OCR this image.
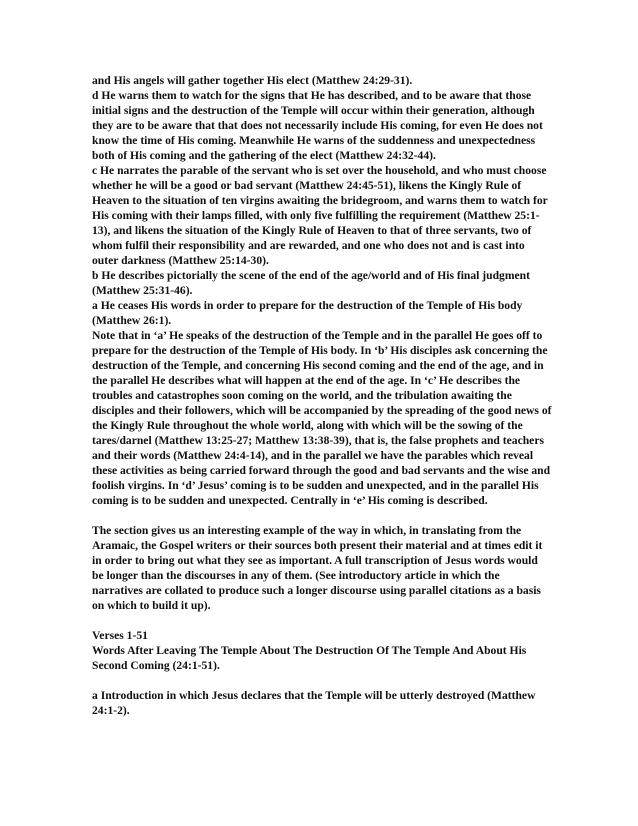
and His angels will gather together His elect (Matthew 24:29-31).

d He warns them to watch for the signs that He has described, and to be aware that those initial signs and the destruction of the Temple will occur within their generation, although they are to be aware that that does not necessarily include His coming, for even He does not know the time of His coming. Meanwhile He warns of the suddenness and unexpectedness both of His coming and the gathering of the elect (Matthew 24:32-44).

c He narrates the parable of the servant who is set over the household, and who must choose whether he will be a good or bad servant (Matthew 24:45-51), likens the Kingly Rule of Heaven to the situation of ten virgins awaiting the bridegroom, and warns them to watch for His coming with their lamps filled, with only five fulfilling the requirement (Matthew 25:1-13), and likens the situation of the Kingly Rule of Heaven to that of three servants, two of whom fulfil their responsibility and are rewarded, and one who does not and is cast into outer darkness (Matthew 25:14-30).

b He describes pictorially the scene of the end of the age/world and of His final judgment (Matthew 25:31-46).

a He ceases His words in order to prepare for the destruction of the Temple of His body (Matthew 26:1).

Note that in ‘a’ He speaks of the destruction of the Temple and in the parallel He goes off to prepare for the destruction of the Temple of His body. In ‘b’ His disciples ask concerning the destruction of the Temple, and concerning His second coming and the end of the age, and in the parallel He describes what will happen at the end of the age. In ‘c’ He describes the troubles and catastrophes soon coming on the world, and the tribulation awaiting the disciples and their followers, which will be accompanied by the spreading of the good news of the Kingly Rule throughout the whole world, along with which will be the sowing of the tares/darnel (Matthew 13:25-27; Matthew 13:38-39), that is, the false prophets and teachers and their words (Matthew 24:4-14), and in the parallel we have the parables which reveal these activities as being carried forward through the good and bad servants and the wise and foolish virgins. In ‘d’ Jesus’ coming is to be sudden and unexpected, and in the parallel His coming is to be sudden and unexpected. Centrally in ‘e’ His coming is described.

The section gives us an interesting example of the way in which, in translating from the Aramaic, the Gospel writers or their sources both present their material and at times edit it in order to bring out what they see as important. A full transcription of Jesus words would be longer than the discourses in any of them. (See introductory article in which the narratives are collated to produce such a longer discourse using parallel citations as a basis on which to build it up).

Verses 1-51

Words After Leaving The Temple About The Destruction Of The Temple And About His Second Coming (24:1-51).

a Introduction in which Jesus declares that the Temple will be utterly destroyed (Matthew 24:1-2).
